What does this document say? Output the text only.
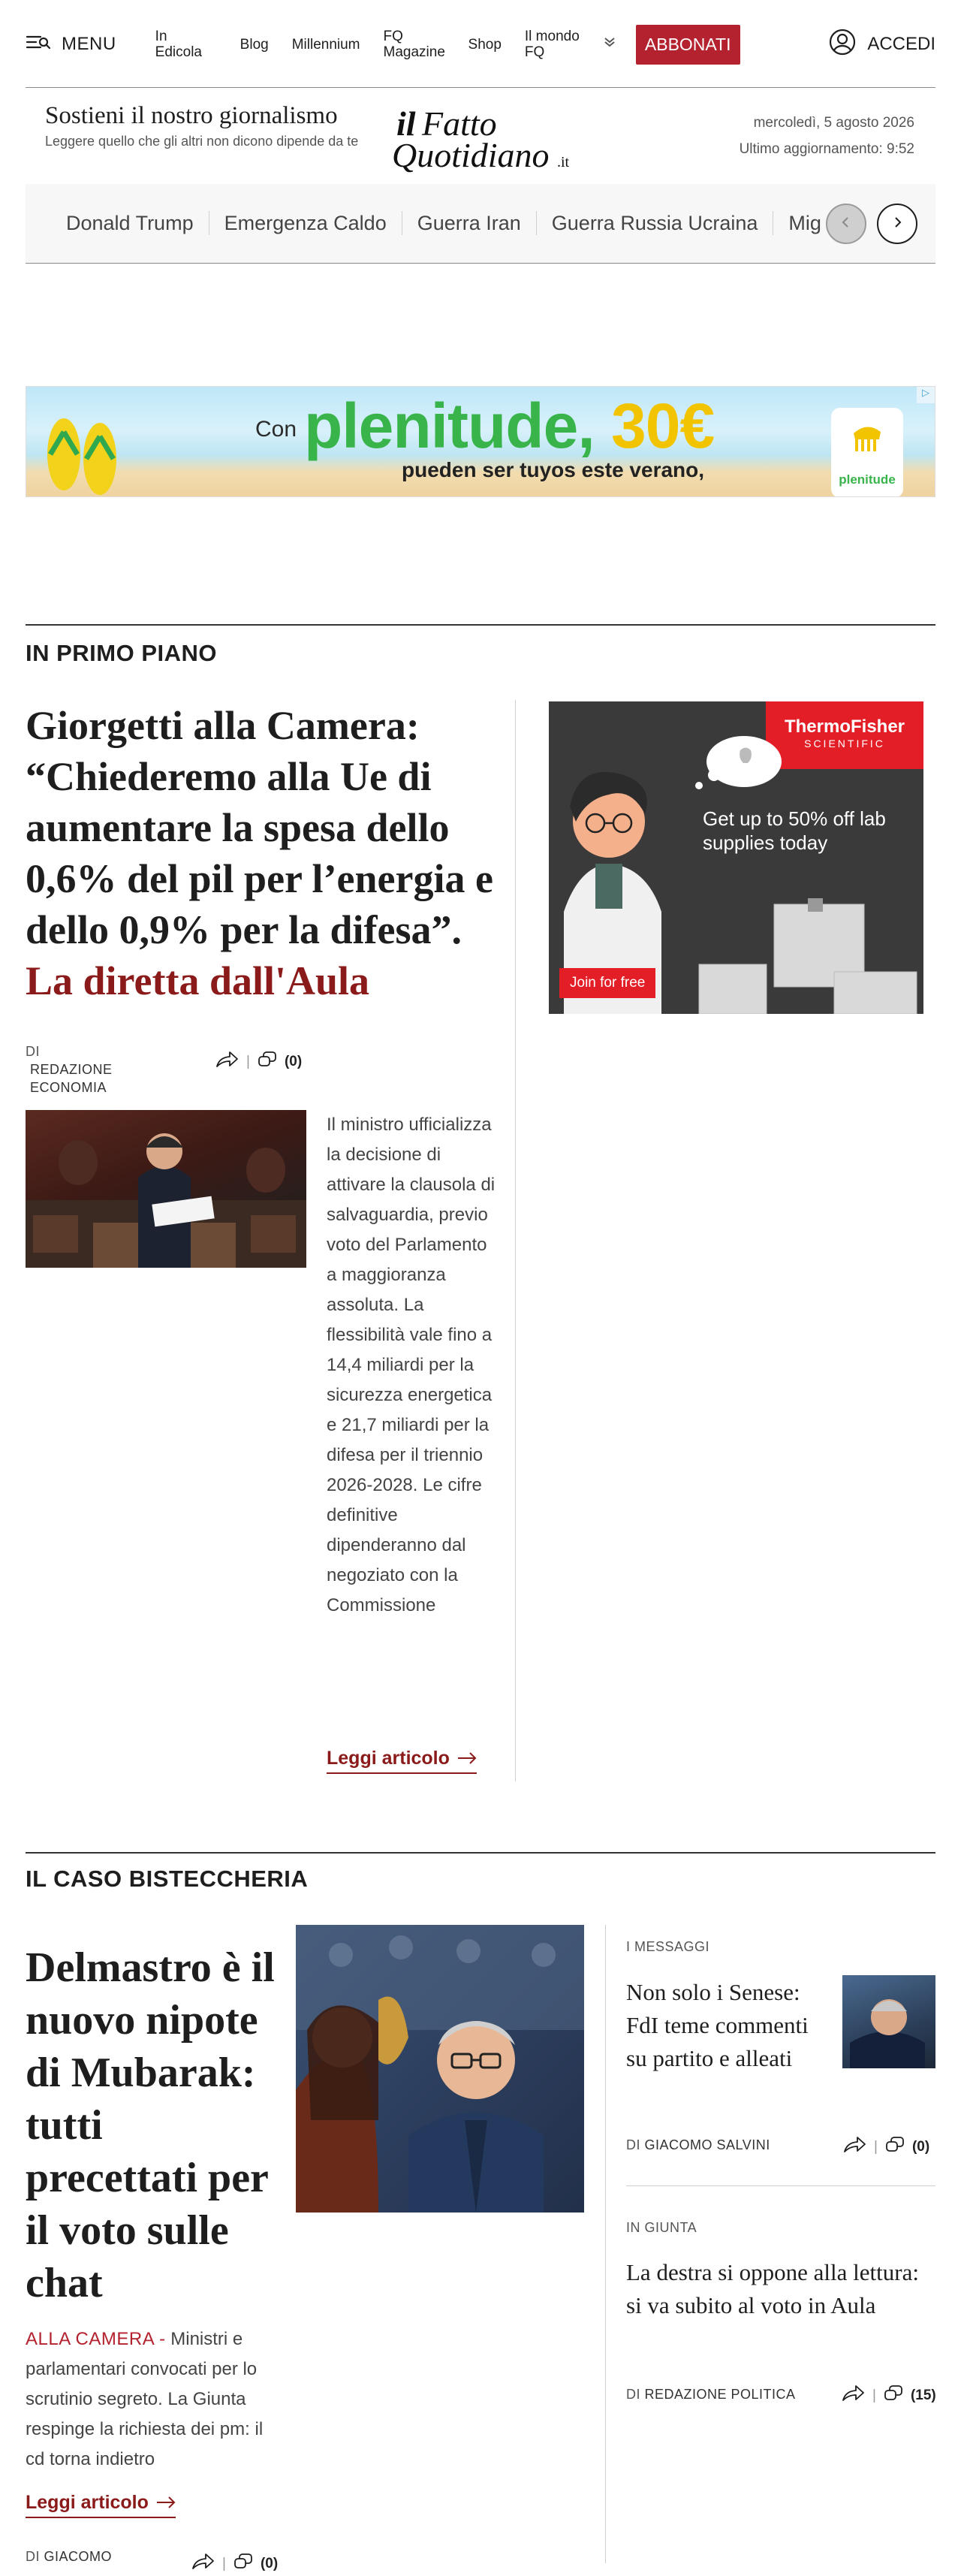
MENU	In Edicola	Blog Millennium FQ Magazine Shop Il mondo FQ	ABBONATI	ACCEDI
Sostieni il nostro giornalismo
Leggere quello che gli altri non dicono dipende da te	il Fatto
Quotidiano .it
mercoledì, 5 agosto 2026
Ultimo aggiornamento: 9:52
Donald Trump	Emergenza Caldo	Guerra Iran	Guerra Russia Ucraina	Mig
Con plenitude, 30€
pueden ser tuyos este verano,	plenitude
▷
IN PRIMO PIANO
Giorgetti alla Camera: “Chiederemo alla Ue di aumentare la spesa dello 0,6% del pil per l’energia e dello 0,9% per la difesa”. La diretta dall'Aula
DI REDAZIONE ECONOMIA
| (0)
Il ministro ufficializza la decisione di attivare la clausola di salvaguardia, previo voto del Parlamento a maggioranza assoluta. La flessibilità vale fino a 14,4 miliardi per la sicurezza energetica e 21,7 miliardi per la difesa per il triennio 2026-2028. Le cifre definitive dipenderanno dal negoziato con la Commissione
Leggi articolo
ThermoFisher
SCIENTIFIC
Get up to 50% off lab supplies today
Join for free
IL CASO BISTECCHERIA
Delmastro è il nuovo nipote di Mubarak: tutti precettati per il voto sulle chat
ALLA CAMERA - Ministri e parlamentari convocati per lo scrutinio segreto. La Giunta respinge la richiesta dei pm: il cd torna indietro
Leggi articolo
DI GIACOMO	| (0)
I MESSAGGI
Non solo i Senese: FdI teme commenti su partito e alleati
DI GIACOMO SALVINI	| (0)
IN GIUNTA
La destra si oppone alla lettura: si va subito al voto in Aula
DI REDAZIONE POLITICA	| (15)
